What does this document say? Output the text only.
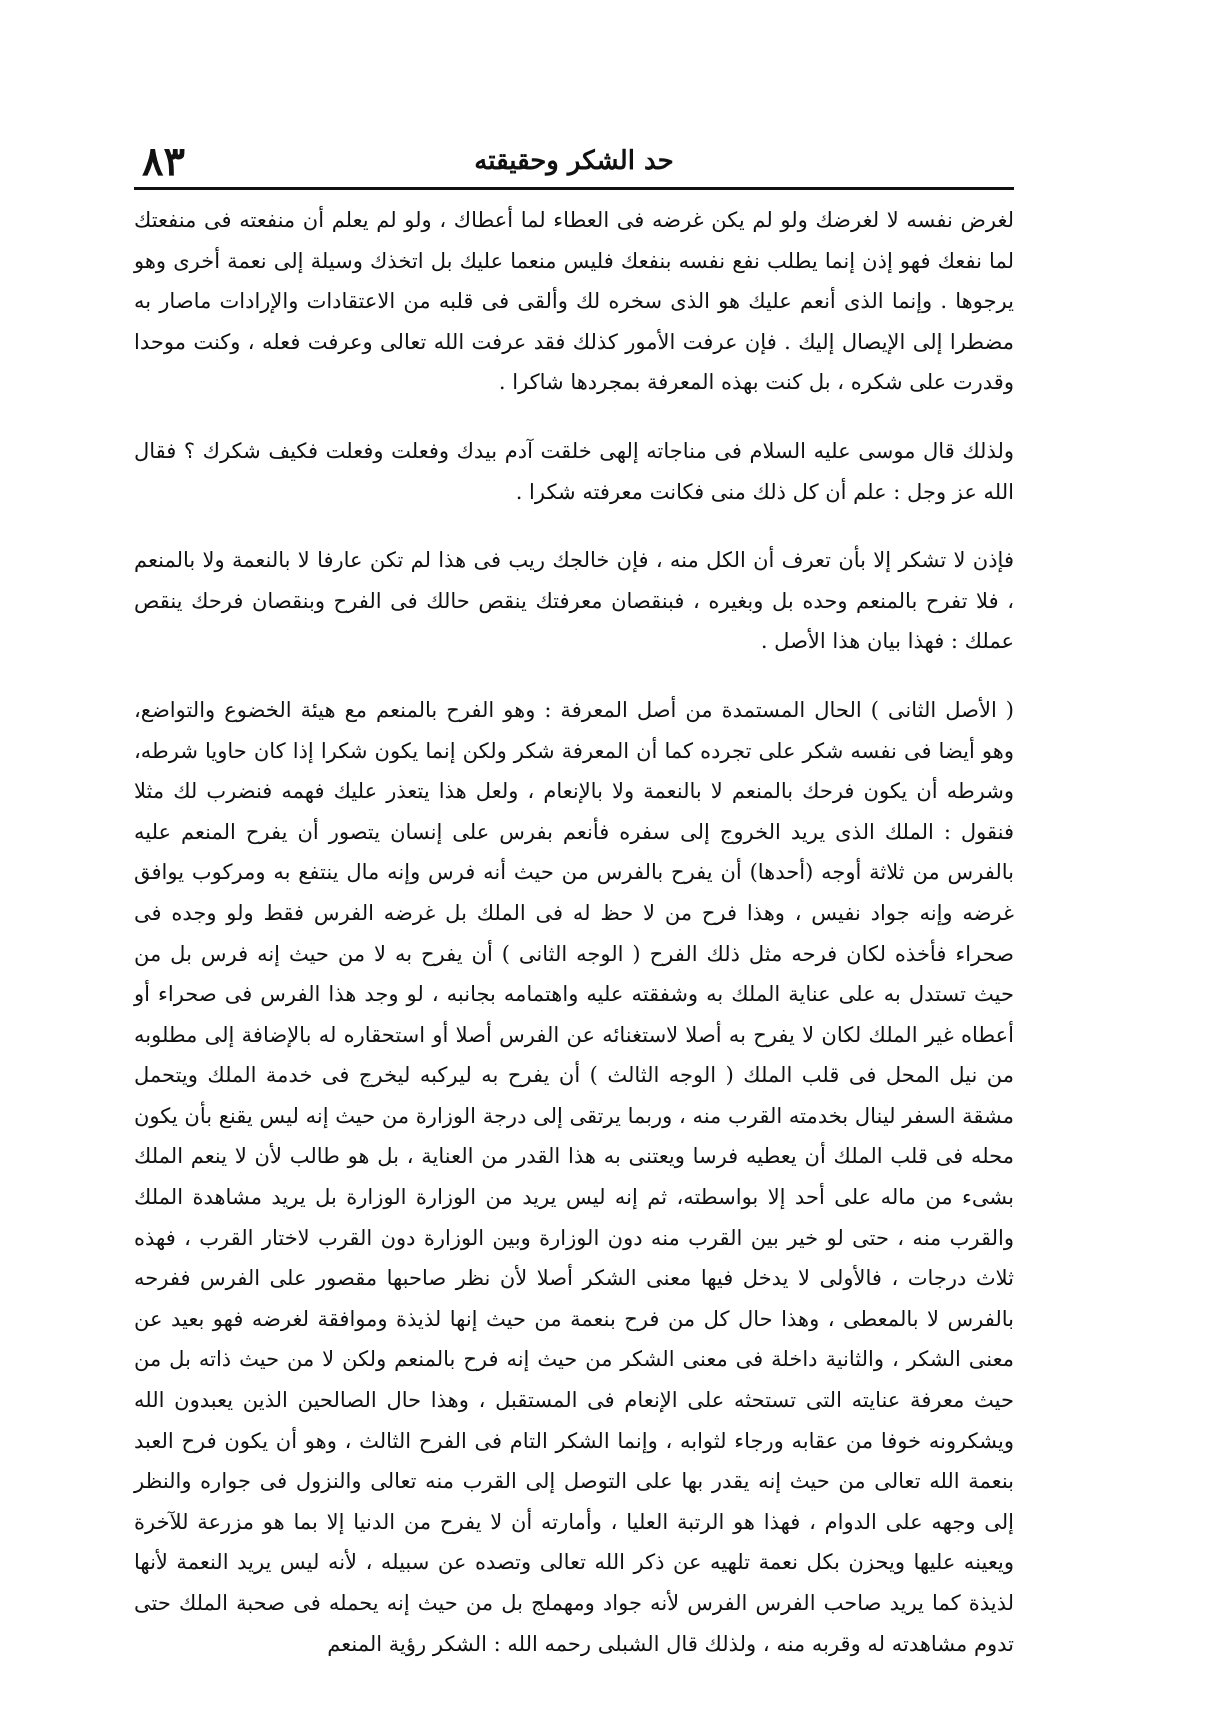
٨٣	حد الشكر وحقيقته

لغرض نفسه لا لغرضك ولو لم يكن غرضه فى العطاء لما أعطاك ، ولو لم يعلم أن منفعته فى منفعتك لما نفعك فهو إذن إنما يطلب نفع نفسه بنفعك فليس منعما عليك بل اتخذك وسيلة إلى نعمة أخرى وهو يرجوها . وإنما الذى أنعم عليك هو الذى سخره لك وألقى فى قلبه من الاعتقادات والإرادات ماصار به مضطرا إلى الإيصال إليك . فإن عرفت الأمور كذلك فقد عرفت الله تعالى وعرفت فعله ، وكنت موحدا وقدرت على شكره ، بل كنت بهذه المعرفة بمجردها شاكرا .

ولذلك قال موسى عليه السلام فى مناجاته إلهى خلقت آدم بيدك وفعلت وفعلت فكيف شكرك ؟ فقال الله عز وجل : علم أن كل ذلك منى فكانت معرفته شكرا .

فإذن لا تشكر إلا بأن تعرف أن الكل منه ، فإن خالجك ريب فى هذا لم تكن عارفا لا بالنعمة ولا بالمنعم ، فلا تفرح بالمنعم وحده بل وبغيره ، فبنقصان معرفتك ينقص حالك فى الفرح وبنقصان فرحك ينقص عملك : فهذا بيان هذا الأصل .

( الأصل الثانى ) الحال المستمدة من أصل المعرفة : وهو الفرح بالمنعم مع هيئة الخضوع والتواضع، وهو أيضا فى نفسه شكر على تجرده كما أن المعرفة شكر ولكن إنما يكون شكرا إذا كان حاويا شرطه، وشرطه أن يكون فرحك بالمنعم لا بالنعمة ولا بالإنعام ، ولعل هذا يتعذر عليك فهمه فنضرب لك مثلا فنقول : الملك الذى يريد الخروج إلى سفره فأنعم بفرس على إنسان يتصور أن يفرح المنعم عليه بالفرس من ثلاثة أوجه (أحدها) أن يفرح بالفرس من حيث أنه فرس وإنه مال ينتفع به ومركوب يوافق غرضه وإنه جواد نفيس ، وهذا فرح من لا حظ له فى الملك بل غرضه الفرس فقط ولو وجده فى صحراء فأخذه لكان فرحه مثل ذلك الفرح ( الوجه الثانى ) أن يفرح به لا من حيث إنه فرس بل من حيث تستدل به على عناية الملك به وشفقته عليه واهتمامه بجانبه ، لو وجد هذا الفرس فى صحراء أو أعطاه غير الملك لكان لا يفرح به أصلا لاستغنائه عن الفرس أصلا أو استحقاره له بالإضافة إلى مطلوبه من نيل المحل فى قلب الملك ( الوجه الثالث ) أن يفرح به ليركبه ليخرج فى خدمة الملك ويتحمل مشقة السفر لينال بخدمته القرب منه ، وربما يرتقى إلى درجة الوزارة من حيث إنه ليس يقنع بأن يكون محله فى قلب الملك أن يعطيه فرسا ويعتنى به هذا القدر من العناية ، بل هو طالب لأن لا ينعم الملك بشىء من ماله على أحد إلا بواسطته، ثم إنه ليس يريد من الوزارة الوزارة بل يريد مشاهدة الملك والقرب منه ، حتى لو خير بين القرب منه دون الوزارة وبين الوزارة دون القرب لاختار القرب ، فهذه ثلاث درجات ، فالأولى لا يدخل فيها معنى الشكر أصلا لأن نظر صاحبها مقصور على الفرس ففرحه بالفرس لا بالمعطى ، وهذا حال كل من فرح بنعمة من حيث إنها لذيذة وموافقة لغرضه فهو بعيد عن معنى الشكر ، والثانية داخلة فى معنى الشكر من حيث إنه فرح بالمنعم ولكن لا من حيث ذاته بل من حيث معرفة عنايته التى تستحثه على الإنعام فى المستقبل ، وهذا حال الصالحين الذين يعبدون الله ويشكرونه خوفا من عقابه ورجاء لثوابه ، وإنما الشكر التام فى الفرح الثالث ، وهو أن يكون فرح العبد بنعمة الله تعالى من حيث إنه يقدر بها على التوصل إلى القرب منه تعالى والنزول فى جواره والنظر إلى وجهه على الدوام ، فهذا هو الرتبة العليا ، وأمارته أن لا يفرح من الدنيا إلا بما هو مزرعة للآخرة ويعينه عليها ويحزن بكل نعمة تلهيه عن ذكر الله تعالى وتصده عن سبيله ، لأنه ليس يريد النعمة لأنها لذيذة كما يريد صاحب الفرس الفرس لأنه جواد ومهملج بل من حيث إنه يحمله فى صحبة الملك حتى تدوم مشاهدته له وقربه منه ، ولذلك قال الشبلى رحمه الله : الشكر رؤية المنعم
